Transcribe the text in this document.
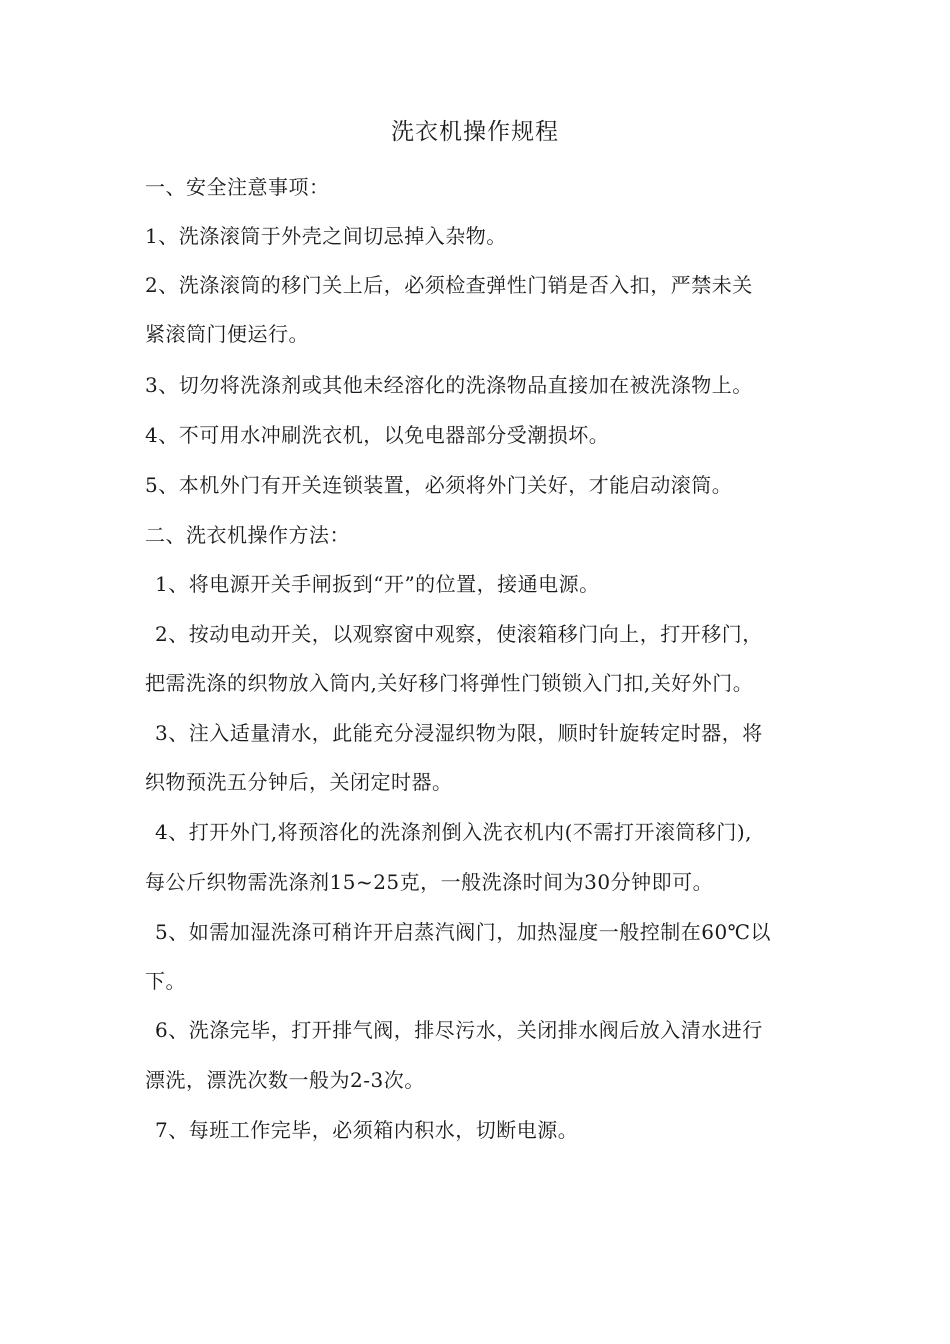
洗衣机操作规程
一、安全注意事项：
1、洗涤滚筒于外壳之间切忌掉入杂物。
2、洗涤滚筒的移门关上后，必须检查弹性门销是否入扣，严禁未关
紧滚筒门便运行。
3、切勿将洗涤剂或其他未经溶化的洗涤物品直接加在被洗涤物上。
4、不可用水冲刷洗衣机，以免电器部分受潮损坏。
5、本机外门有开关连锁装置，必须将外门关好，才能启动滚筒。
二、洗衣机操作方法：
1、将电源开关手闸扳到“开”的位置，接通电源。
2、按动电动开关，以观察窗中观察，使滚箱移门向上，打开移门，
把需洗涤的织物放入筒内,关好移门将弹性门锁锁入门扣,关好外门。
3、注入适量清水，此能充分浸湿织物为限，顺时针旋转定时器，将
织物预洗五分钟后，关闭定时器。
4、打开外门,将预溶化的洗涤剂倒入洗衣机内(不需打开滚筒移门),
每公斤织物需洗涤剂15~25克，一般洗涤时间为30分钟即可。
5、如需加湿洗涤可稍许开启蒸汽阀门，加热湿度一般控制在60℃以
下。
6、洗涤完毕，打开排气阀，排尽污水，关闭排水阀后放入清水进行
漂洗，漂洗次数一般为2-3次。
7、每班工作完毕，必须箱内积水，切断电源。
